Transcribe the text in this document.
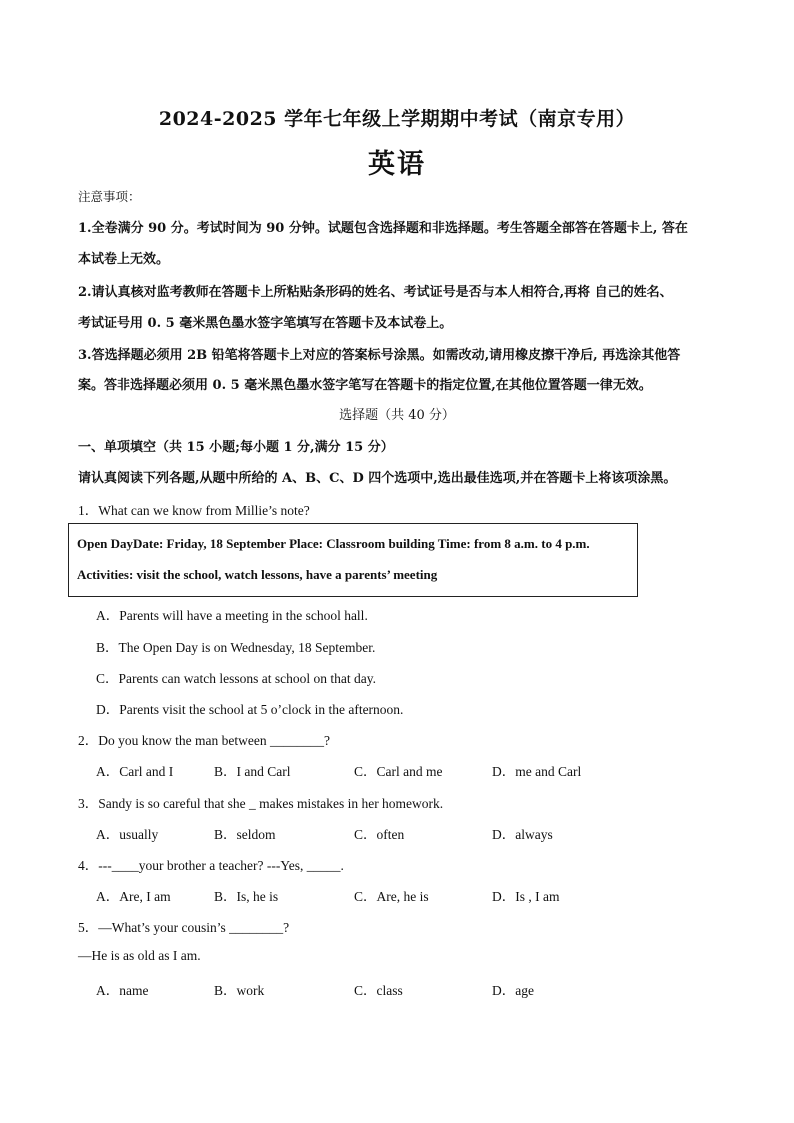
2024-2025 学年七年级上学期期中考试（南京专用）
英语
注意事项：
1.全卷满分 90 分。考试时间为 90 分钟。试题包含选择题和非选择题。考生答题全部答在答题卡上, 答在
本试卷上无效。
2.请认真核对监考教师在答题卡上所粘贴条形码的姓名、考试证号是否与本人相符合,再将 自己的姓名、
考试证号用 0. 5 毫米黑色墨水签字笔填写在答题卡及本试卷上。
3.答选择题必须用 2B 铅笔将答题卡上对应的答案标号涂黑。如需改动,请用橡皮擦干净后, 再选涂其他答
案。答非选择题必须用 0. 5 毫米黑色墨水签字笔写在答题卡的指定位置,在其他位置答题一律无效。
选择题（共 40 分）
一、单项填空（共 15 小题;每小题 1 分,满分 15 分）
请认真阅读下列各题,从题中所给的 A、B、C、D 四个选项中,选出最佳选项,并在答题卡上将该项涂黑。
1．What can we know from Millie’s note?
Open DayDate: Friday, 18 September Place: Classroom building Time: from 8 a.m. to 4 p.m.
Activities: visit the school, watch lessons, have a parents’ meeting
A．Parents will have a meeting in the school hall.
B．The Open Day is on Wednesday, 18 September.
C．Parents can watch lessons at school on that day.
D．Parents visit the school at 5 o’clock in the afternoon.
2．Do you know the man between ________?
A．Carl and I	B．I and Carl	C．Carl and me	D．me and Carl
3．Sandy is so careful that she _ makes mistakes in her homework.
A．usually	B．seldom	C．often	D．always
4．---____your brother a teacher? ---Yes, _____.
A．Are, I am	B．Is, he is	C．Are, he is	D．Is , I am
5．—What’s your cousin’s ________?
—He is as old as I am.
A．name	B．work	C．class	D．age
